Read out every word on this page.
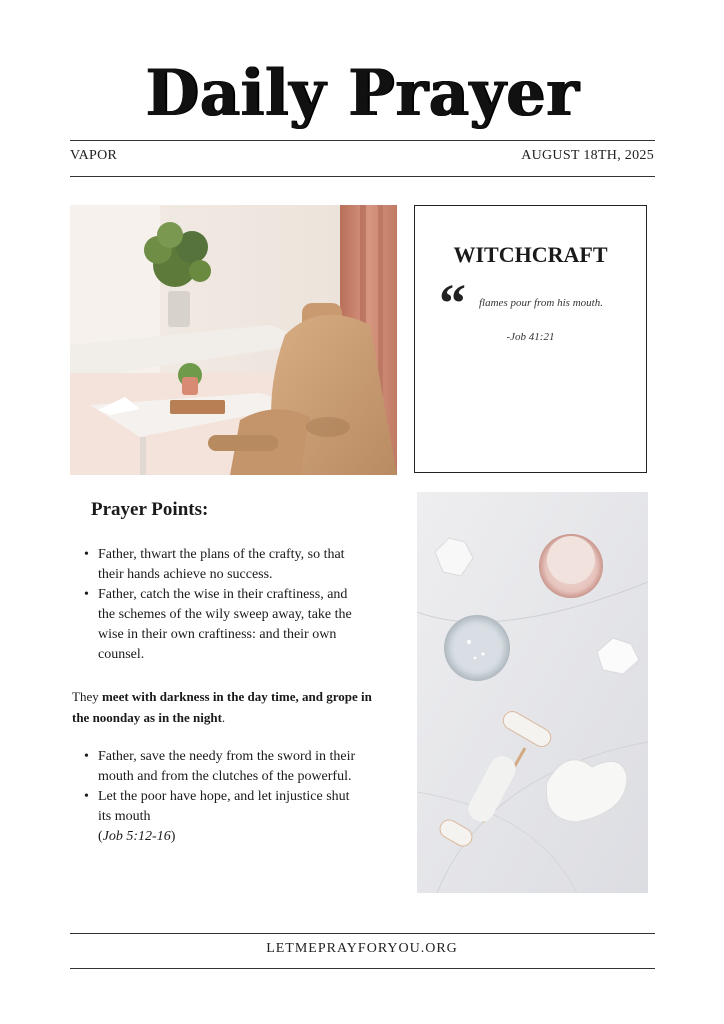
Daily Prayer
VAPOR	AUGUST 18TH, 2025
WITCHCRAFT
“ flames pour from his mouth.
-Job 41:21
Prayer Points:
• Father, thwart the plans of the crafty, so that their hands achieve no success.
• Father, catch the wise in their craftiness, and the schemes of the wily sweep away, take the wise in their own craftiness: and their own counsel.
They meet with darkness in the day time, and grope in the noonday as in the night.
• Father, save the needy from the sword in their mouth and from the clutches of the powerful.
• Let the poor have hope, and let injustice shut its mouth
(Job 5:12-16)
LETMEPRAYFORYOU.ORG
